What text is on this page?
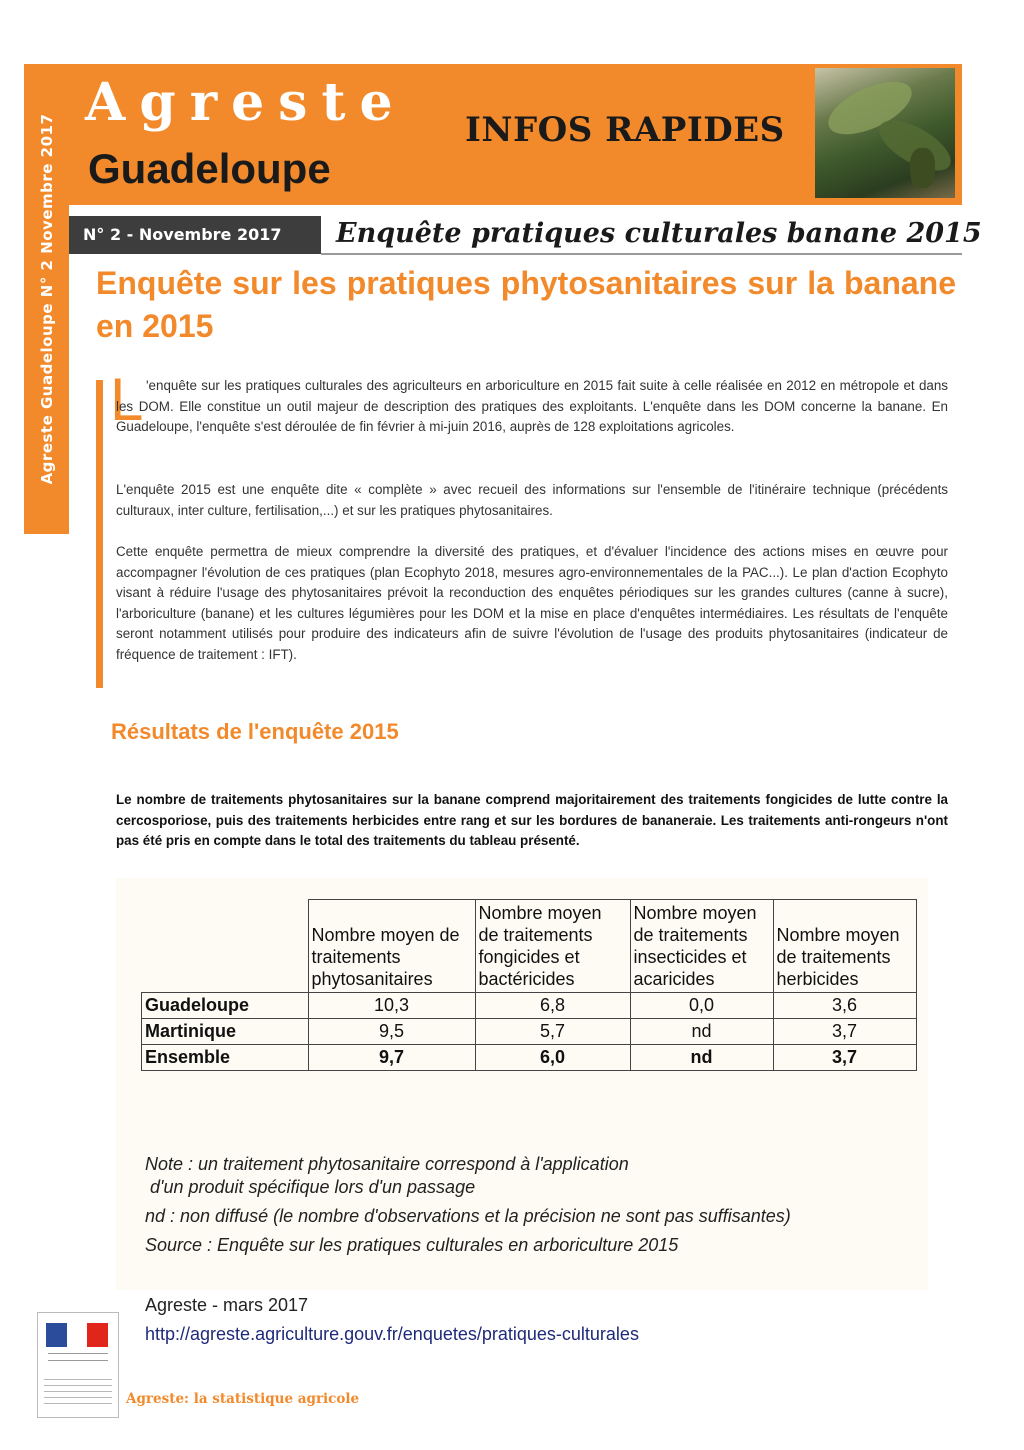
Agreste Guadeloupe N° 2 Novembre 2017
Agreste
Guadeloupe
INFOS RAPIDES
N° 2 - Novembre 2017	Enquête pratiques culturales banane 2015
Enquête sur les pratiques phytosanitaires sur la banane en 2015
L 'enquête sur les pratiques culturales des agriculteurs en arboriculture en 2015 fait suite à celle réalisée en 2012 en métropole et dans les DOM. Elle constitue un outil majeur de description des pratiques des exploitants. L'enquête dans les DOM concerne la banane. En Guadeloupe, l'enquête s'est déroulée de fin février à mi-juin 2016, auprès de 128 exploitations agricoles.
L'enquête 2015 est une enquête dite « complète » avec recueil des informations sur l'ensemble de l'itinéraire technique (précédents culturaux, inter culture, fertilisation,...) et sur les pratiques phytosanitaires.
Cette enquête permettra de mieux comprendre la diversité des pratiques, et d'évaluer l'incidence des actions mises en œuvre pour accompagner l'évolution de ces pratiques (plan Ecophyto 2018, mesures agro-environnementales de la PAC...). Le plan d'action Ecophyto visant à réduire l'usage des phytosanitaires prévoit la reconduction des enquêtes périodiques sur les grandes cultures (canne à sucre), l'arboriculture (banane) et les cultures légumières pour les DOM et la mise en place d'enquêtes intermédiaires. Les résultats de l'enquête seront notamment utilisés pour produire des indicateurs afin de suivre l'évolution de l'usage des produits phytosanitaires (indicateur de fréquence de traitement : IFT).
Résultats de l'enquête 2015
Le nombre de traitements phytosanitaires sur la banane comprend majoritairement des traitements fongicides de lutte contre la cercosporiose, puis des traitements herbicides entre rang et sur les bordures de bananeraie. Les traitements anti-rongeurs n'ont pas été pris en compte dans le total des traitements du tableau présenté.
	Nombre moyen de traitements phytosanitaires	Nombre moyen de traitements fongicides et bactéricides	Nombre moyen de traitements insecticides et acaricides	Nombre moyen de traitements herbicides
Guadeloupe	10,3	6,8	0,0	3,6
Martinique	9,5	5,7	nd	3,7
Ensemble	9,7	6,0	nd	3,7
Note : un traitement phytosanitaire correspond à l'application
d'un produit spécifique lors d'un passage
nd : non diffusé (le nombre d'observations et la précision ne sont pas suffisantes)
Source : Enquête sur les pratiques culturales en arboriculture 2015
Agreste - mars 2017
http://agreste.agriculture.gouv.fr/enquetes/pratiques-culturales
Agreste: la statistique agricole
